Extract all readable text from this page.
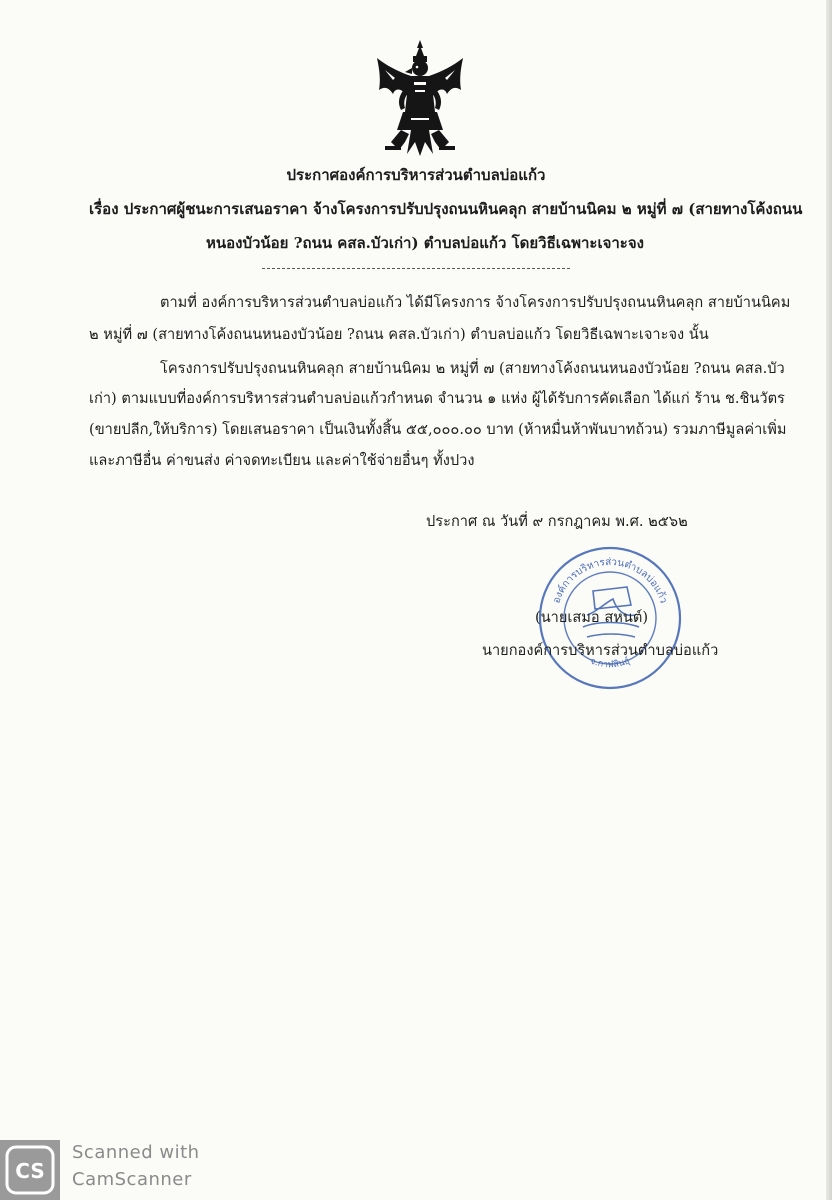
ประกาศองค์การบริหารส่วนตำบลบ่อแก้ว
เรื่อง ประกาศผู้ชนะการเสนอราคา จ้างโครงการปรับปรุงถนนหินคลุก สายบ้านนิคม ๒ หมู่ที่ ๗ (สายทางโค้งถนน
หนองบัวน้อย ?ถนน คสล.บัวเก่า) ตำบลบ่อแก้ว โดยวิธีเฉพาะเจาะจง
ตามที่ องค์การบริหารส่วนตำบลบ่อแก้ว ได้มีโครงการ จ้างโครงการปรับปรุงถนนหินคลุก สายบ้านนิคม
๒ หมู่ที่ ๗ (สายทางโค้งถนนหนองบัวน้อย ?ถนน คสล.บัวเก่า) ตำบลบ่อแก้ว โดยวิธีเฉพาะเจาะจง นั้น
โครงการปรับปรุงถนนหินคลุก สายบ้านนิคม ๒ หมู่ที่ ๗ (สายทางโค้งถนนหนองบัวน้อย ?ถนน คสล.บัว
เก่า) ตามแบบที่องค์การบริหารส่วนตำบลบ่อแก้วกำหนด จำนวน ๑ แห่ง ผู้ได้รับการคัดเลือก ได้แก่ ร้าน ช.ชินวัตร
(ขายปลีก,ให้บริการ) โดยเสนอราคา เป็นเงินทั้งสิ้น ๕๕,๐๐๐.๐๐ บาท (ห้าหมื่นห้าพันบาทถ้วน) รวมภาษีมูลค่าเพิ่ม
และภาษีอื่น ค่าขนส่ง ค่าจดทะเบียน และค่าใช้จ่ายอื่นๆ ทั้งปวง
ประกาศ ณ วันที่ ๙ กรกฎาคม พ.ศ. ๒๕๖๒
องค์การบริหารส่วนตำบลบ่อแก้ว
จ.กาฬสินธุ์
(นายเสมอ สหนต์)
นายกองค์การบริหารส่วนตำบลบ่อแก้ว
CS
Scanned with
CamScanner
